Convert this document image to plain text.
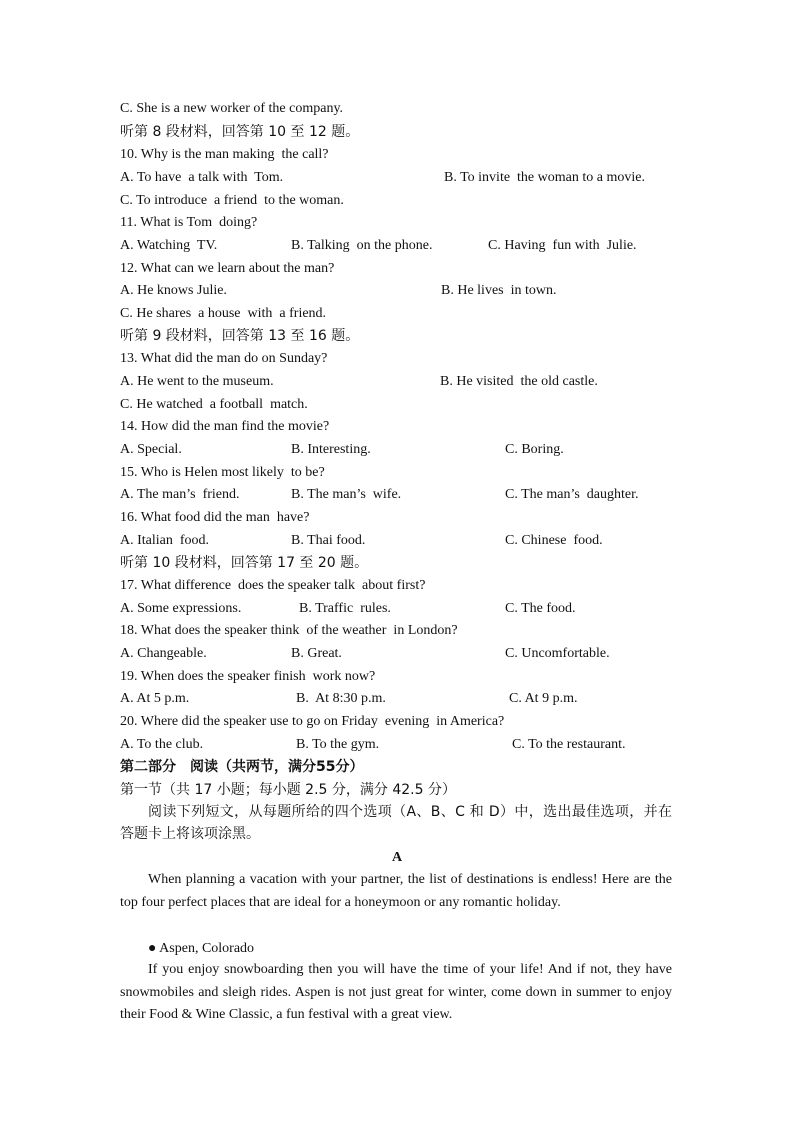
C. She is a new worker of the company.
听第 8 段材料，回答第 10 至 12 题。
10. Why is the man making  the call?
A. To have  a talk with  Tom.	B. To invite  the woman to a movie.
C. To introduce  a friend  to the woman.
11. What is Tom  doing?
A. Watching  TV.	B. Talking  on the phone.	C. Having  fun with  Julie.
12. What can we learn about the man?
A. He knows Julie.	B. He lives  in town.
C. He shares  a house  with  a friend.
听第 9 段材料，回答第 13 至 16 题。
13. What did the man do on Sunday?
A. He went to the museum.	B. He visited  the old castle.
C. He watched  a football  match.
14. How did the man find the movie?
A. Special.	B. Interesting.	C. Boring.
15. Who is Helen most likely  to be?
A. The man’s  friend.	B. The man’s  wife.	C. The man’s  daughter.
16. What food did the man  have?
A. Italian  food.	B. Thai food.	C. Chinese  food.
听第 10 段材料，回答第 17 至 20 题。
17. What difference  does the speaker talk  about first?
A. Some expressions.	B. Traffic  rules.	C. The food.
18. What does the speaker think  of the weather  in London?
A. Changeable.	B. Great.	C. Uncomfortable.
19. When does the speaker finish  work now?
A. At 5 p.m.	B.  At 8:30 p.m.	C. At 9 p.m.
20. Where did the speaker use to go on Friday  evening  in America?
A. To the club.	B. To the gym.	C. To the restaurant.
第二部分　阅读（共两节，满分55分）
第一节（共 17 小题；每小题 2.5 分，满分 42.5 分）
阅读下列短文，从每题所给的四个选项（A、B、C 和 D）中，选出最佳选项，并在答题卡上将该项涂黑。
A
When planning a vacation with your partner, the list of destinations is endless! Here are the top four perfect places that are ideal for a honeymoon or any romantic holiday.
● Aspen, Colorado
If you enjoy snowboarding then you will have the time of your life! And if not, they have snowmobiles and sleigh rides. Aspen is not just great for winter, come down in summer to enjoy their Food & Wine Classic, a fun festival with a great view.
